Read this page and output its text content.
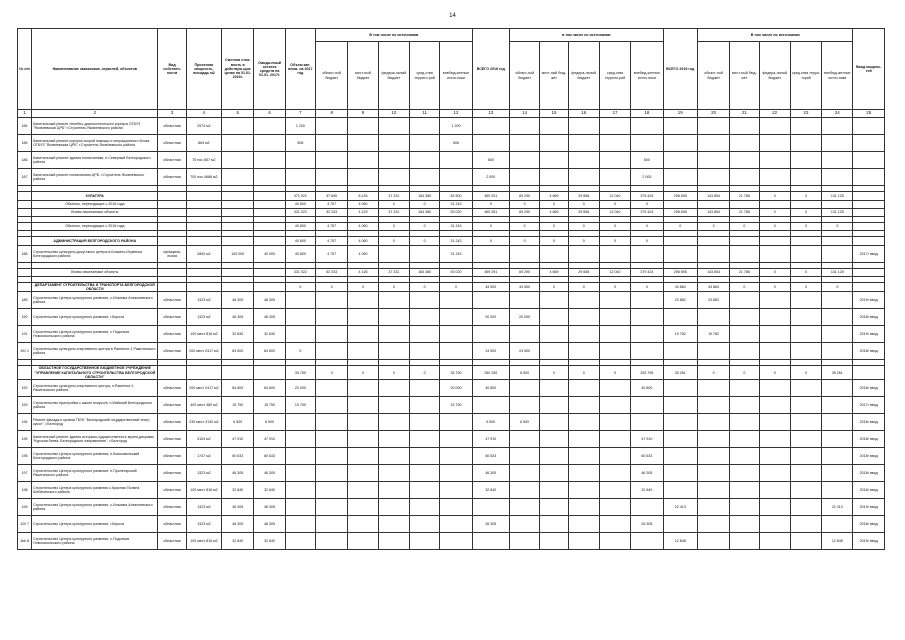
14
№ п/п	Наименование заказчиков, отраслей, объектов	Вид собствен-ности	Проектная мощность, площадь м2	Сметная стои-мость в действую-щих ценах на 01.01. 2016г.	Ожида-емый остаток средств на 01.01. 2017г.	Объем кап. влож. на 2017 год	В том числе по источникам					ВСЕГО 2018 год	в том числе по источникам					ВСЕГО 2019 год	В том числе по источникам					Ввод мощнос-тей
							област-ной бюджет	мест-ный бюджет	федера-льный бюджет	сред-ства террито-рий	внебюд-жетные источ-ники		област-ной бюджет	мест-ный бюд-жет	федера-льный бюджет	сред-ства террито-рий	внебюд-жетные источ-ники		област-ной бюджет	мест-ный бюд-жет	федера-льный бюджет	сред-ства терри-торий	внебюд-жетные источ-ники	
1	2	3	4	5	6	7	8	9	10	11	12	13	14	15	16	17	18	19	20	21	22	23	24	25
184	Капитальный ремонт лечебно-диагностического корпуса ОГБУЗ "Яковлевская ЦРБ" г.Строитель Яковлевского района	областная	2574 м2			1 200					1 200													
185	Капитальный ремонт корпуса скорой помощи и операционного блока ОГБУЗ "Яковлевская ЦРБ" г.Строитель Яковлевского района	областная	864 м2			506					506													
186	Капитальный ремонт здания поликлиники, п.Северный Белгородского района	областная	75 пос 857 м2									600					600							
187	Капитальный ремонт поликлиники ЦРБ, г.Строитель Яковлевского района	областная	700 пос 4686 м2									2 000					2 000							

	КУЛЬТУРА					371 022	57 690	8 126	37 331	184 380	83 500	459 201	69 290	4 669	29 658	12 040	379 424	298 695	143 854	21 786	0	0	131 125	
	Объекты, переходящие с 2016 года					40 800	4 757	4 060	0	0	31 243	0	0	0	0	0	0							
	Вновь начинаемые объекты					331 022	52 243	4 129	37 331	184 380	53 020	460 281	69 290	4 669	29 658	12 040	379 424	298 695	143 854	21 786	0	0	131 125	

	Объекты, переходящие с 2016 года					40 800	4 757	4 060	0	0	31 243	0	0	0	0	0	0	0	0	0	0	0	0	

	АДМИНИСТРАЦИЯ БЕЛГОРОДСКОГО РАЙОНА					40 800	4 757	4 060	0	0	31 243	0	0	0	0	0	0							
188	Строительство культурно-досугового центра в Бочкино-Игуменка Белгородского района	муниципа-льная	2800 м2	100 000	40 000	40 800	4 757	4 060			31 243													2017г ввод

	Вновь начинаемые объекты					331 022	52 243	4 126	37 331	184 380	53 020	459 291	69 290	4 669	29 658	12 040	379 424	298 695	143 854	21 786	0	0	131 125	

	ДЕПАРТАМЕНТ СТРОИТЕЛЬСТВА И ТРАНСПОРТА БЕЛГОРОДСКОЙ ОБЛАСТИ					0	0	0	0	0	0	44 500	44 500	0	0	0	0	43 864	43 864	0	0	0	0	
189	Строительство Центра культурного развития, с.Ильинка Алексеевского района	областная	1323 м2	46 305	46 305													23 882	23 882					2019г ввод
190	Строительство Центра культурного развития, г.Короча	областная	1323 м2	46 305	46 305							20 000	20 000											2018г ввод
191	Строительство Центра культурного развития, с.Подольхи Новооскольского района	областная	100 мест 816 м2	32 840	32 840													19 782	19 782					2019г ввод
191 1	Строительство культурно-спортивного центра в Ракитное-1 Ракитянского района	областная	200 мест 2417 м2	84 600	84 600	0						24 500	24 500											2018г ввод

	ОБЛАСТНОЕ ГОСУДАРСТВЕННОЕ БЮДЖЕТНОЕ УЧРЕЖДЕНИЕ "УПРАВЛЕНИЕ КАПИТАЛЬНОГО СТРОИТЕЛЬСТВА БЕЛГОРОДСКОЙ ОБЛАСТИ"					35 750	0	0	0	0	35 750	250 250	8 500	0	0	0	253 795	35 261	0	0	0	0	35 261	
192	Строительство культурно-спортивного центра, п.Ракитное-1 Ракитянского района	областная	200 мест 2417 м2	84 600	84 600	20 000					20 000	40 800					40 800							2018г ввод
193	Строительство пристройки к школе искусств, п.Майский Белгородского района	областная	400 мест 480 м2	15 750	15 750	15 750					15 750													2017г ввод
194	Ремонт фасада и кровли ГБУК "Белгородский государственный театр кукол", г.Белгород	областная	230 мест 3130 м2	6 500	6 500							6 500	6 500											2018г ввод
195	Капитальный ремонт здания историко-художественного музея-диорамы "Курская битва. Белгородское направление", г.Белгород	областная	3104 м2	47 910	47 910							47 910					47 910							2018г ввод
196	Строительство Центра культурного развития, п.Комсомольский Белгородского района	областная	1747 м2	60 633	60 633							60 633					60 633							2018г ввод
197	Строительство Центра культурного развития, п.Пролетарский Ракитянского района	областная	1323 м2	46 305	46 305							46 305					46 305							2018г ввод
198	Строительство Центра культурного развития с.Красная Поляна Шебекинского района	областная	100 мест 816 м2	32 840	32 840							32 840					32 840							2018г ввод
199	Строительство Центра культурного развития, с.Ильинка Алексеевского района	областная	1323 м2	46 305	46 305													22 413					22 413	2019г ввод
120 7	Строительство Центра культурного развития, г.Короча	областная	1323 м2	46 305	46 305							26 305					26 305							2018г ввод
1bb 8	Строительство Центра культурного развития, с.Подольхи Новооскольского района	областная	100 мест 816 м2	32 840	32 840													12 848					12 848	2019г ввод
